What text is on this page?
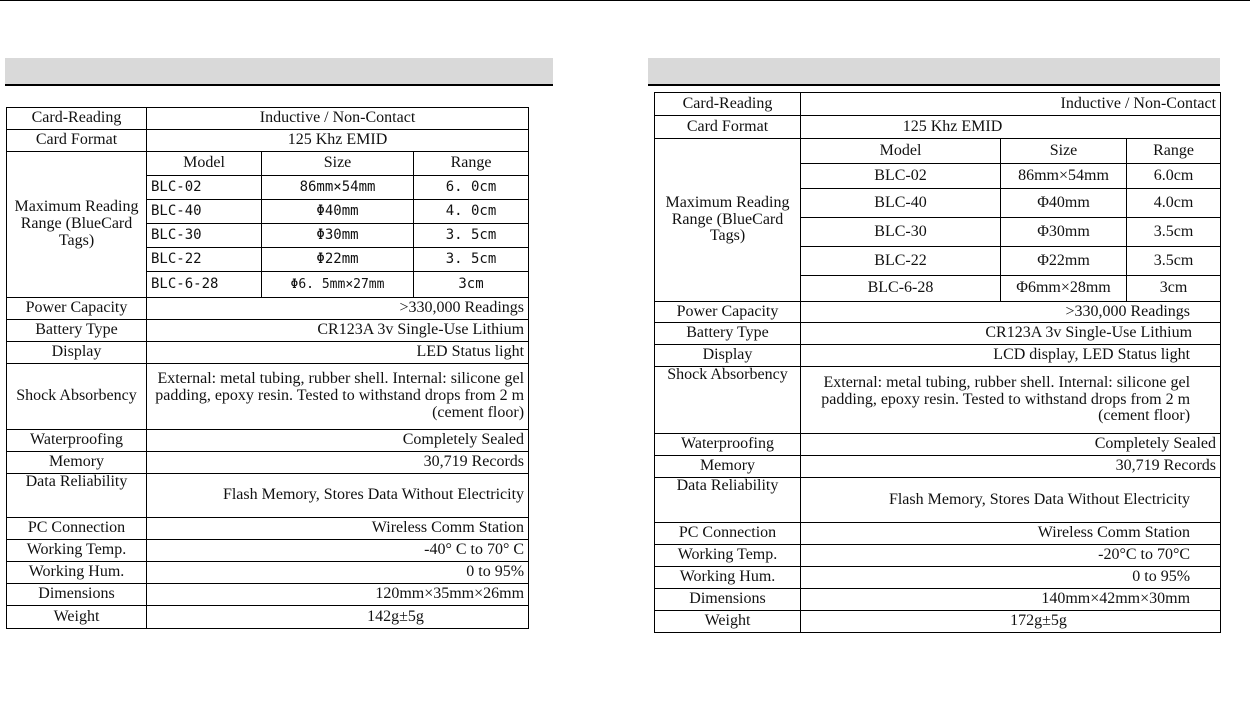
Card-Reading	Inductive / Non-Contact		
Card Format	125 Khz EMID		
Maximum Reading Range (BlueCard Tags)	Model	Size	Range
	BLC-02	86mm×54mm	6. 0cm
	BLC-40	Φ40mm	4. 0cm
	BLC-30	Φ30mm	3. 5cm
	BLC-22	Φ22mm	3. 5cm
	BLC-6-28	Φ6. 5mm×27mm	3cm
Power Capacity	>330,000 Readings		
Battery Type	CR123A 3v Single-Use Lithium		
Display	LED Status light		
Shock Absorbency	External: metal tubing, rubber shell. Internal: silicone gel padding, epoxy resin. Tested to withstand drops from 2 m (cement floor)		
Waterproofing	Completely Sealed		
Memory	30,719 Records		
Data Reliability	Flash Memory, Stores Data Without Electricity		
PC Connection	Wireless Comm Station		
Working Temp.	-40° C to 70° C		
Working Hum.	0 to 95%		
Dimensions	120mm×35mm×26mm		
Weight	142g±5g		
Card-Reading	Inductive / Non-Contact		
Card Format	125 Khz EMID		
Maximum Reading Range (BlueCard Tags)	Model	Size	Range
	BLC-02	86mm×54mm	6.0cm
	BLC-40	Φ40mm	4.0cm
	BLC-30	Φ30mm	3.5cm
	BLC-22	Φ22mm	3.5cm
	BLC-6-28	Φ6mm×28mm	3cm
Power Capacity	>330,000 Readings		
Battery Type	CR123A 3v Single-Use Lithium		
Display	LCD display, LED Status light		
Shock Absorbency	External: metal tubing, rubber shell. Internal: silicone gel padding, epoxy resin. Tested to withstand drops from 2 m (cement floor)		
Waterproofing	Completely Sealed		
Memory	30,719 Records		
Data Reliability	Flash Memory, Stores Data Without Electricity		
PC Connection	Wireless Comm Station		
Working Temp.	-20°C to 70°C		
Working Hum.	0 to 95%		
Dimensions	140mm×42mm×30mm		
Weight	172g±5g		
